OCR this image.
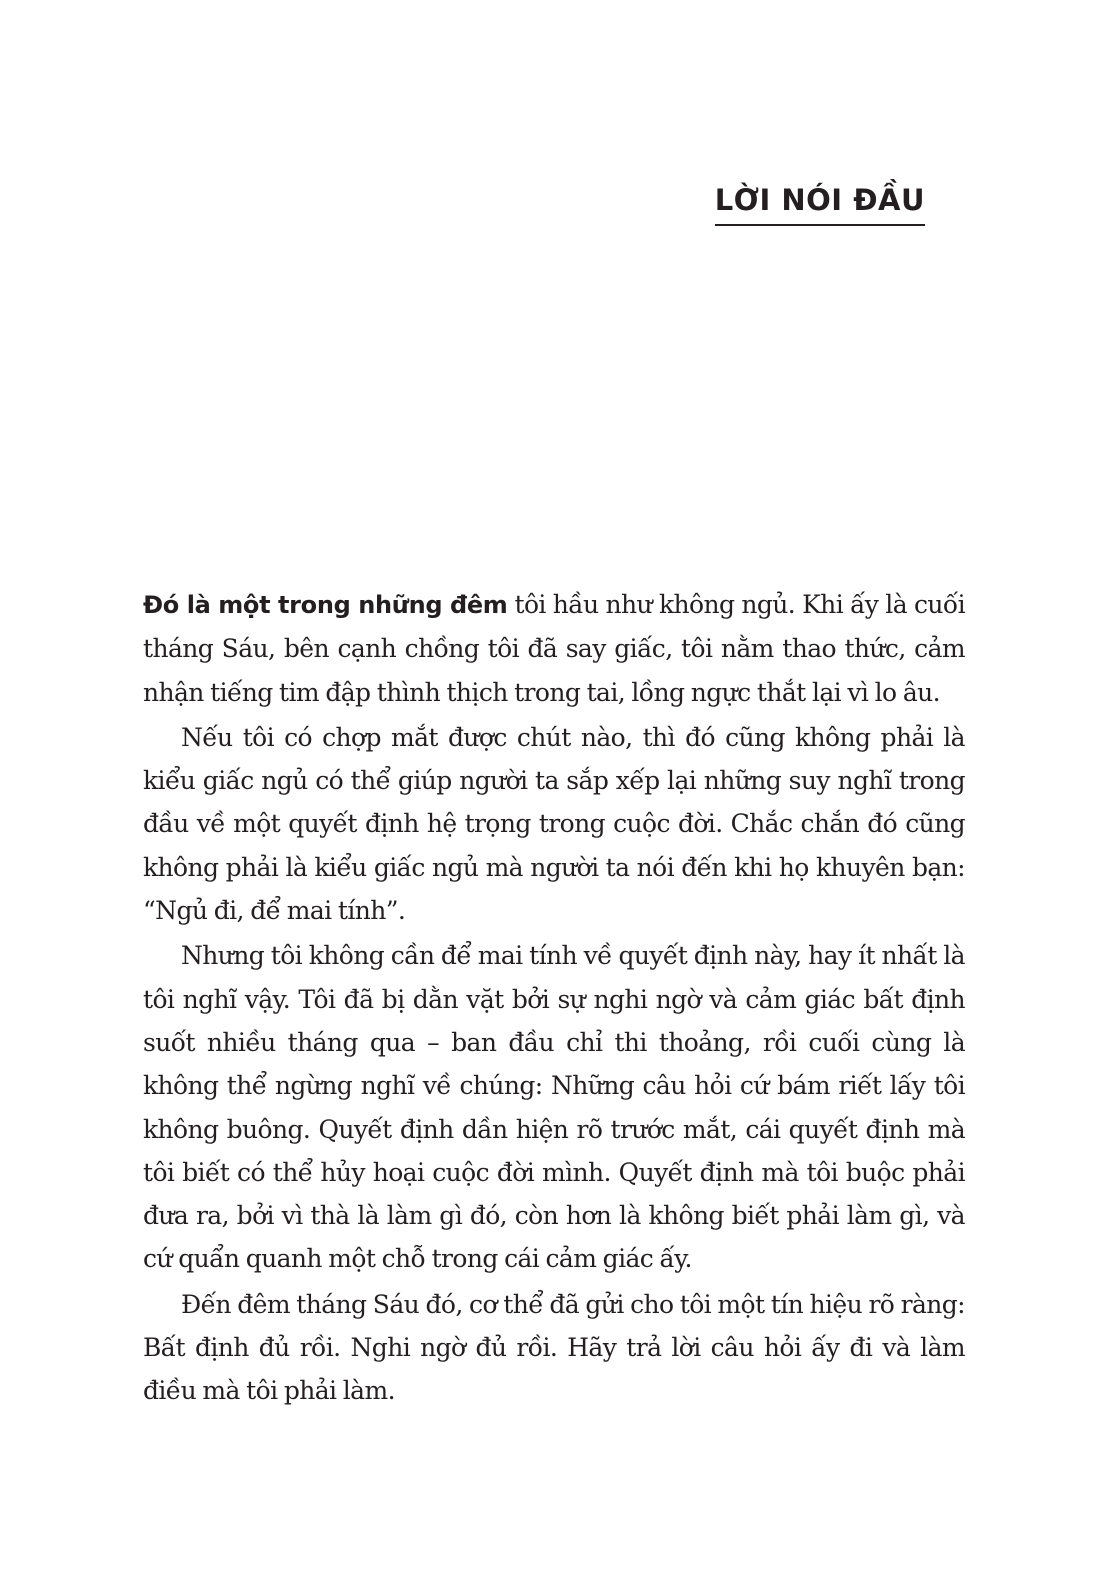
LỜI NÓI ĐẦU

Đó là một trong những đêm tôi hầu như không ngủ. Khi ấy là cuối tháng Sáu, bên cạnh chồng tôi đã say giấc, tôi nằm thao thức, cảm nhận tiếng tim đập thình thịch trong tai, lồng ngực thắt lại vì lo âu.

Nếu tôi có chợp mắt được chút nào, thì đó cũng không phải là kiểu giấc ngủ có thể giúp người ta sắp xếp lại những suy nghĩ trong đầu về một quyết định hệ trọng trong cuộc đời. Chắc chắn đó cũng không phải là kiểu giấc ngủ mà người ta nói đến khi họ khuyên bạn: “Ngủ đi, để mai tính”.

Nhưng tôi không cần để mai tính về quyết định này, hay ít nhất là tôi nghĩ vậy. Tôi đã bị dằn vặt bởi sự nghi ngờ và cảm giác bất định suốt nhiều tháng qua – ban đầu chỉ thi thoảng, rồi cuối cùng là không thể ngừng nghĩ về chúng: Những câu hỏi cứ bám riết lấy tôi không buông. Quyết định dần hiện rõ trước mắt, cái quyết định mà tôi biết có thể hủy hoại cuộc đời mình. Quyết định mà tôi buộc phải đưa ra, bởi vì thà là làm gì đó, còn hơn là không biết phải làm gì, và cứ quẩn quanh một chỗ trong cái cảm giác ấy.

Đến đêm tháng Sáu đó, cơ thể đã gửi cho tôi một tín hiệu rõ ràng: Bất định đủ rồi. Nghi ngờ đủ rồi. Hãy trả lời câu hỏi ấy đi và làm điều mà tôi phải làm.
